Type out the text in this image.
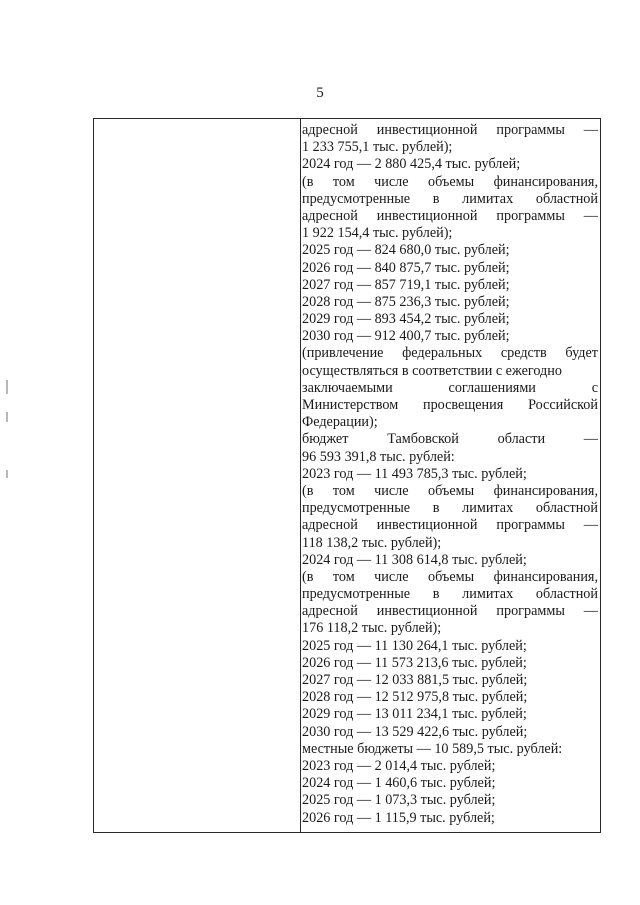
5
адресной инвестиционной программы —
1 233 755,1 тыс. рублей);
2024 год — 2 880 425,4 тыс. рублей;
(в том числе объемы финансирования,
предусмотренные в лимитах областной
адресной инвестиционной программы —
1 922 154,4 тыс. рублей);
2025 год — 824 680,0 тыс. рублей;
2026 год — 840 875,7 тыс. рублей;
2027 год — 857 719,1 тыс. рублей;
2028 год — 875 236,3 тыс. рублей;
2029 год — 893 454,2 тыс. рублей;
2030 год — 912 400,7 тыс. рублей;
(привлечение федеральных средств будет
осуществляться в соответствии с ежегодно
заключаемыми соглашениями с
Министерством просвещения Российской
Федерации);
бюджет Тамбовской области —
96 593 391,8 тыс. рублей:
2023 год — 11 493 785,3 тыс. рублей;
(в том числе объемы финансирования,
предусмотренные в лимитах областной
адресной инвестиционной программы —
118 138,2 тыс. рублей);
2024 год — 11 308 614,8 тыс. рублей;
(в том числе объемы финансирования,
предусмотренные в лимитах областной
адресной инвестиционной программы —
176 118,2 тыс. рублей);
2025 год — 11 130 264,1 тыс. рублей;
2026 год — 11 573 213,6 тыс. рублей;
2027 год — 12 033 881,5 тыс. рублей;
2028 год — 12 512 975,8 тыс. рублей;
2029 год — 13 011 234,1 тыс. рублей;
2030 год — 13 529 422,6 тыс. рублей;
местные бюджеты — 10 589,5 тыс. рублей:
2023 год — 2 014,4 тыс. рублей;
2024 год — 1 460,6 тыс. рублей;
2025 год — 1 073,3 тыс. рублей;
2026 год — 1 115,9 тыс. рублей;
